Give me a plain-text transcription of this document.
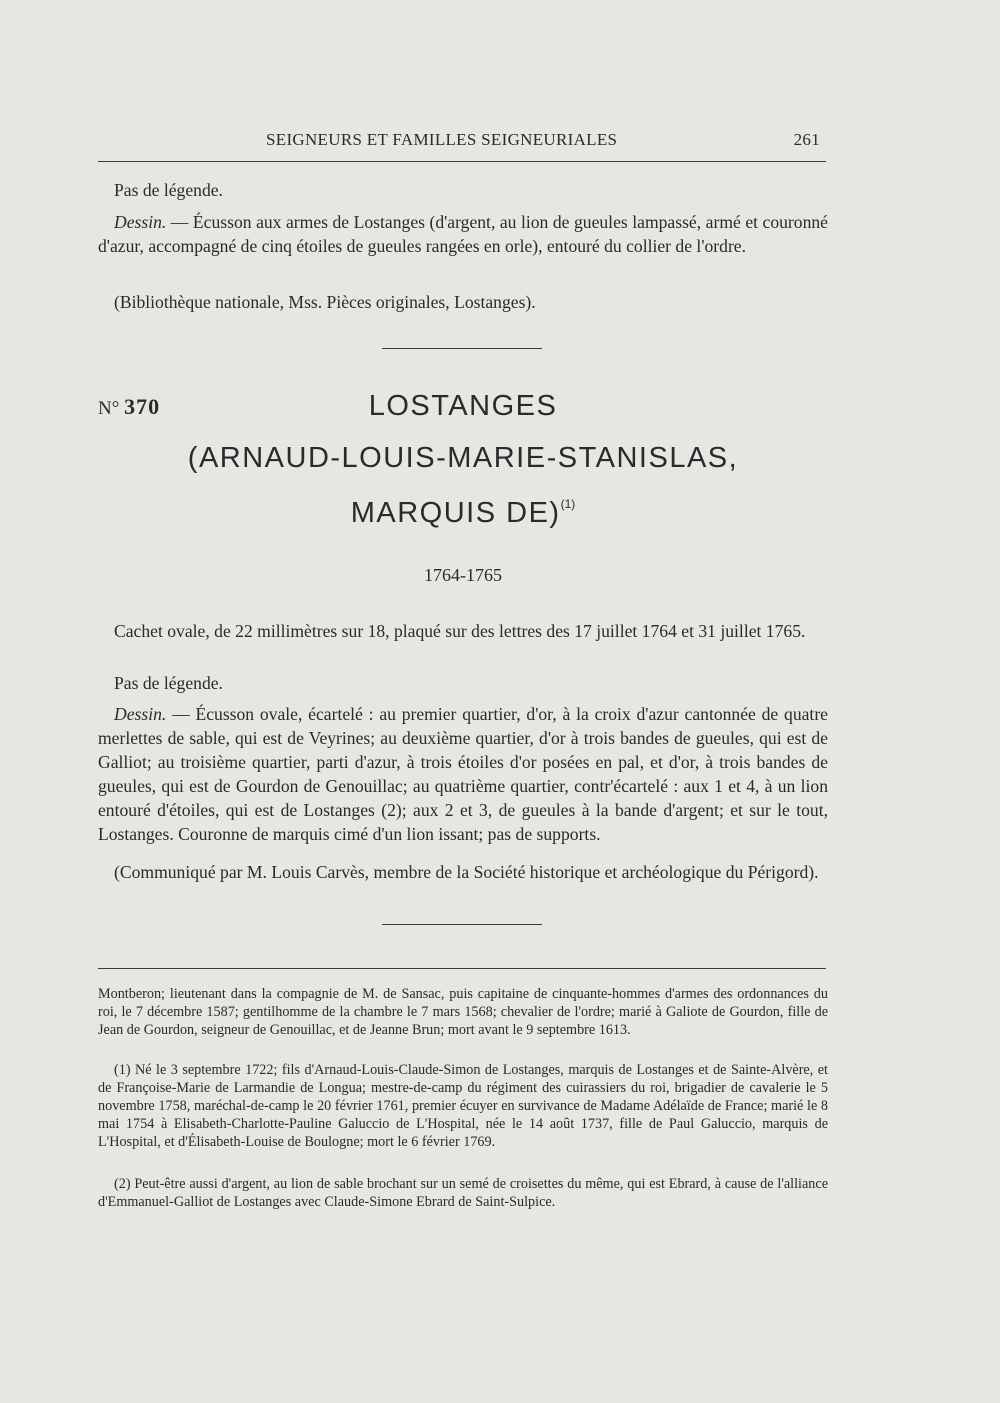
SEIGNEURS ET FAMILLES SEIGNEURIALES	261
Pas de légende.
Dessin. — Écusson aux armes de Lostanges (d'argent, au lion de gueules lampassé, armé et couronné d'azur, accompagné de cinq étoiles de gueules rangées en orle), entouré du collier de l'ordre.
(Bibliothèque nationale, Mss. Pièces originales, Lostanges).
N° 370	LOSTANGES
(ARNAUD-LOUIS-MARIE-STANISLAS,
MARQUIS DE)$^{(1)}$
1764-1765
Cachet ovale, de 22 millimètres sur 18, plaqué sur des lettres des 17 juillet 1764 et 31 juillet 1765.
Pas de légende.
Dessin. — Écusson ovale, écartelé : au premier quartier, d'or, à la croix d'azur cantonnée de quatre merlettes de sable, qui est de Veyrines; au deuxième quartier, d'or à trois bandes de gueules, qui est de Galliot; au troisième quartier, parti d'azur, à trois étoiles d'or posées en pal, et d'or, à trois bandes de gueules, qui est de Gourdon de Genouillac; au quatrième quartier, contr'écartelé : aux 1 et 4, à un lion entouré d'étoiles, qui est de Lostanges (2); aux 2 et 3, de gueules à la bande d'argent; et sur le tout, Lostanges. Couronne de marquis cimé d'un lion issant; pas de supports.
(Communiqué par M. Louis Carvès, membre de la Société historique et archéologique du Périgord).
Montberon; lieutenant dans la compagnie de M. de Sansac, puis capitaine de cinquante-hommes d'armes des ordonnances du roi, le 7 décembre 1587; gentilhomme de la chambre le 7 mars 1568; chevalier de l'ordre; marié à Galiote de Gourdon, fille de Jean de Gourdon, seigneur de Genouillac, et de Jeanne Brun; mort avant le 9 septembre 1613.
(1) Né le 3 septembre 1722; fils d'Arnaud-Louis-Claude-Simon de Lostanges, marquis de Lostanges et de Sainte-Alvère, et de Françoise-Marie de Larmandie de Longua; mestre-de-camp du régiment des cuirassiers du roi, brigadier de cavalerie le 5 novembre 1758, maréchal-de-camp le 20 février 1761, premier écuyer en survivance de Madame Adélaïde de France; marié le 8 mai 1754 à Elisabeth-Charlotte-Pauline Galuccio de L'Hospital, née le 14 août 1737, fille de Paul Galuccio, marquis de L'Hospital, et d'Élisabeth-Louise de Boulogne; mort le 6 février 1769.
(2) Peut-être aussi d'argent, au lion de sable brochant sur un semé de croisettes du même, qui est Ebrard, à cause de l'alliance d'Emmanuel-Galliot de Lostanges avec Claude-Simone Ebrard de Saint-Sulpice.
